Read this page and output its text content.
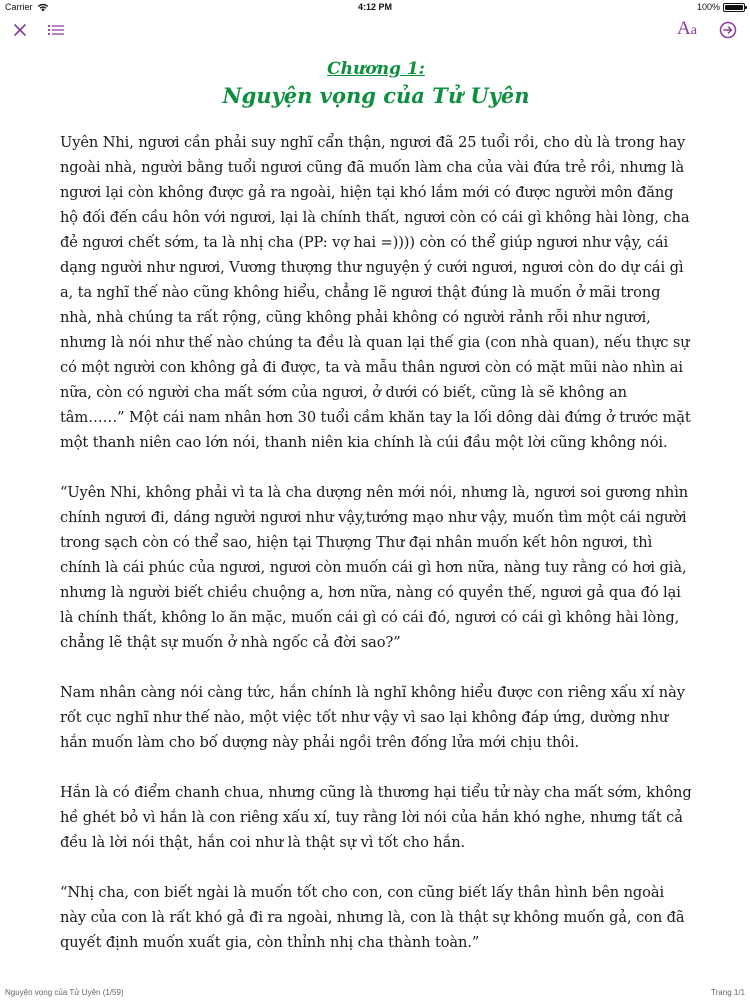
Carrier	4:12 PM	100%
Aa
Chương 1:
Nguyện vọng của Tử Uyên

Uyên Nhi, ngươi cần phải suy nghĩ cẩn thận, ngươi đã 25 tuổi rồi, cho dù là trong hay ngoài nhà, người bằng tuổi ngươi cũng đã muốn làm cha của vài đứa trẻ rồi, nhưng là ngươi lại còn không được gả ra ngoài, hiện tại khó lắm mới có được người môn đăng hộ đối đến cầu hôn với ngươi, lại là chính thất, ngươi còn có cái gì không hài lòng, cha đẻ ngươi chết sớm, ta là nhị cha (PP: vợ hai =)))) còn có thể giúp ngươi như vậy, cái dạng người như ngươi, Vương thượng thư nguyện ý cưới ngươi, ngươi còn do dự cái gì a, ta nghĩ thế nào cũng không hiểu, chẳng lẽ ngươi thật đúng là muốn ở mãi trong nhà, nhà chúng ta rất rộng, cũng không phải không có người rảnh rỗi như ngươi, nhưng là nói như thế nào chúng ta đều là quan lại thế gia (con nhà quan), nếu thực sự có một người con không gả đi được, ta và mẫu thân ngươi còn có mặt mũi nào nhìn ai nữa, còn có người cha mất sớm của ngươi, ở dưới có biết, cũng là sẽ không an tâm……” Một cái nam nhân hơn 30 tuổi cầm khăn tay la lối dông dài đứng ở trước mặt một thanh niên cao lớn nói, thanh niên kia chính là cúi đầu một lời cũng không nói.

“Uyên Nhi, không phải vì ta là cha dượng nên mới nói, nhưng là, ngươi soi gương nhìn chính ngươi đi, dáng người ngươi như vậy,tướng mạo như vậy, muốn tìm một cái người trong sạch còn có thể sao, hiện tại Thượng Thư đại nhân muốn kết hôn ngươi, thì chính là cái phúc của ngươi, ngươi còn muốn cái gì hơn nữa, nàng tuy rằng có hơi già, nhưng là người biết chiều chuộng a, hơn nữa, nàng có quyền thế, ngươi gả qua đó lại là chính thất, không lo ăn mặc, muốn cái gì có cái đó, ngươi có cái gì không hài lòng, chẳng lẽ thật sự muốn ở nhà ngốc cả đời sao?”

Nam nhân càng nói càng tức, hắn chính là nghĩ không hiểu được con riêng xấu xí này rốt cục nghĩ như thế nào, một việc tốt như vậy vì sao lại không đáp ứng, dường như hắn muốn làm cho bố dượng này phải ngồi trên đống lửa mới chịu thôi.

Hắn là có điểm chanh chua, nhưng cũng là thương hại tiểu tử này cha mất sớm, không hề ghét bỏ vì hắn là con riêng xấu xí, tuy rằng lời nói của hắn khó nghe, nhưng tất cả đều là lời nói thật, hắn coi như là thật sự vì tốt cho hắn.

“Nhị cha, con biết ngài là muốn tốt cho con, con cũng biết lấy thân hình bên ngoài này của con là rất khó gả đi ra ngoài, nhưng là, con là thật sự không muốn gả, con đã quyết định muốn xuất gia, còn thỉnh nhị cha thành toàn.”

Nguyện vọng của Tử Uyên (1/59)	Trang 1/1
